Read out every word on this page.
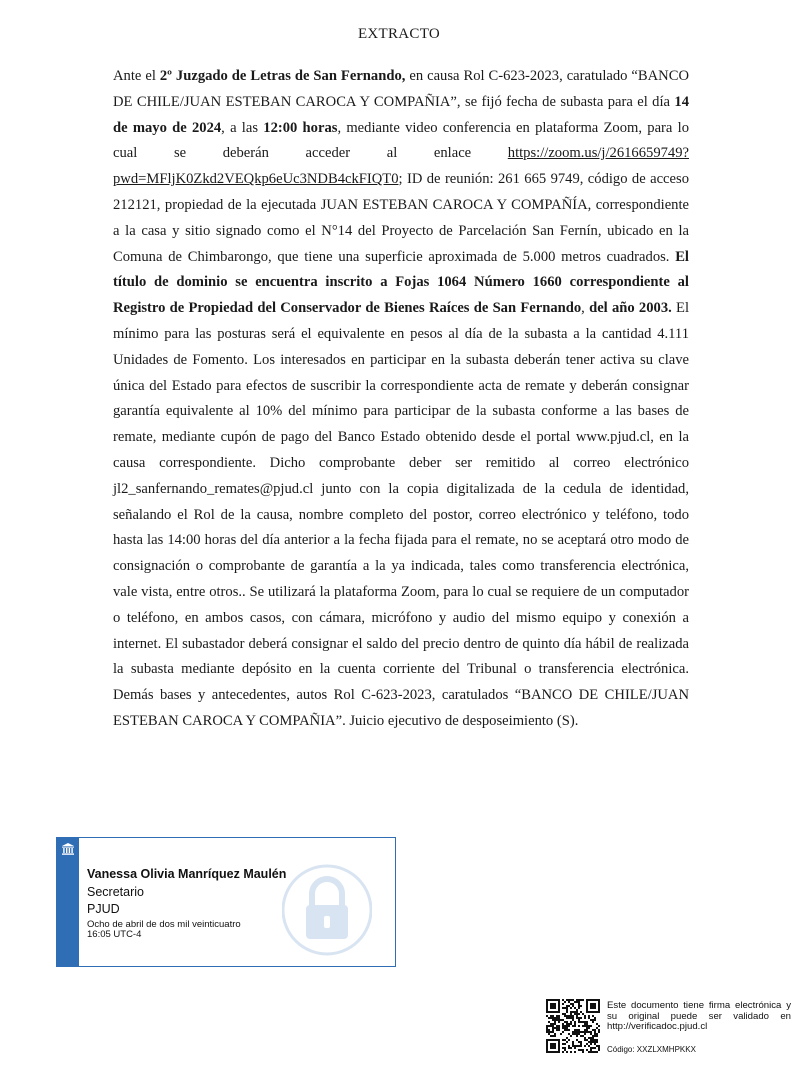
EXTRACTO
Ante el 2º Juzgado de Letras de San Fernando, en causa Rol C-623-2023, caratulado “BANCO DE CHILE/JUAN ESTEBAN CAROCA Y COMPAÑIA”, se fijó fecha de subasta para el día 14 de mayo de 2024, a las 12:00 horas, mediante video conferencia en plataforma Zoom, para lo cual se deberán acceder al enlace https://zoom.us/j/2616659749?pwd=MFljK0Zkd2VEQkp6eUc3NDB4ckFIQT0; ID de reunión: 261 665 9749, código de acceso 212121, propiedad de la ejecutada JUAN ESTEBAN CAROCA Y COMPAÑÍA, correspondiente a la casa y sitio signado como el N°14 del Proyecto de Parcelación San Fernín, ubicado en la Comuna de Chimbarongo, que tiene una superficie aproximada de 5.000 metros cuadrados. El título de dominio se encuentra inscrito a Fojas 1064 Número 1660 correspondiente al Registro de Propiedad del Conservador de Bienes Raíces de San Fernando, del año 2003. El mínimo para las posturas será el equivalente en pesos al día de la subasta a la cantidad 4.111 Unidades de Fomento. Los interesados en participar en la subasta deberán tener activa su clave única del Estado para efectos de suscribir la correspondiente acta de remate y deberán consignar garantía equivalente al 10% del mínimo para participar de la subasta conforme a las bases de remate, mediante cupón de pago del Banco Estado obtenido desde el portal www.pjud.cl, en la causa correspondiente. Dicho comprobante deber ser remitido al correo electrónico jl2_sanfernando_remates@pjud.cl junto con la copia digitalizada de la cedula de identidad, señalando el Rol de la causa, nombre completo del postor, correo electrónico y teléfono, todo hasta las 14:00 horas del día anterior a la fecha fijada para el remate, no se aceptará otro modo de consignación o comprobante de garantía a la ya indicada, tales como transferencia electrónica, vale vista, entre otros.. Se utilizará la plataforma Zoom, para lo cual se requiere de un computador o teléfono, en ambos casos, con cámara, micrófono y audio del mismo equipo y conexión a internet. El subastador deberá consignar el saldo del precio dentro de quinto día hábil de realizada la subasta mediante depósito en la cuenta corriente del Tribunal o transferencia electrónica. Demás bases y antecedentes, autos Rol C-623-2023, caratulados “BANCO DE CHILE/JUAN ESTEBAN CAROCA Y COMPAÑIA”. Juicio ejecutivo de desposeimiento (S).
Vanessa Olivia Manríquez Maulén
Secretario
PJUD
Ocho de abril de dos mil veinticuatro
16:05 UTC-4
Este documento tiene firma electrónica y su original puede ser validado en http://verificadoc.pjud.cl
Código: XXZLXMHPKKX
